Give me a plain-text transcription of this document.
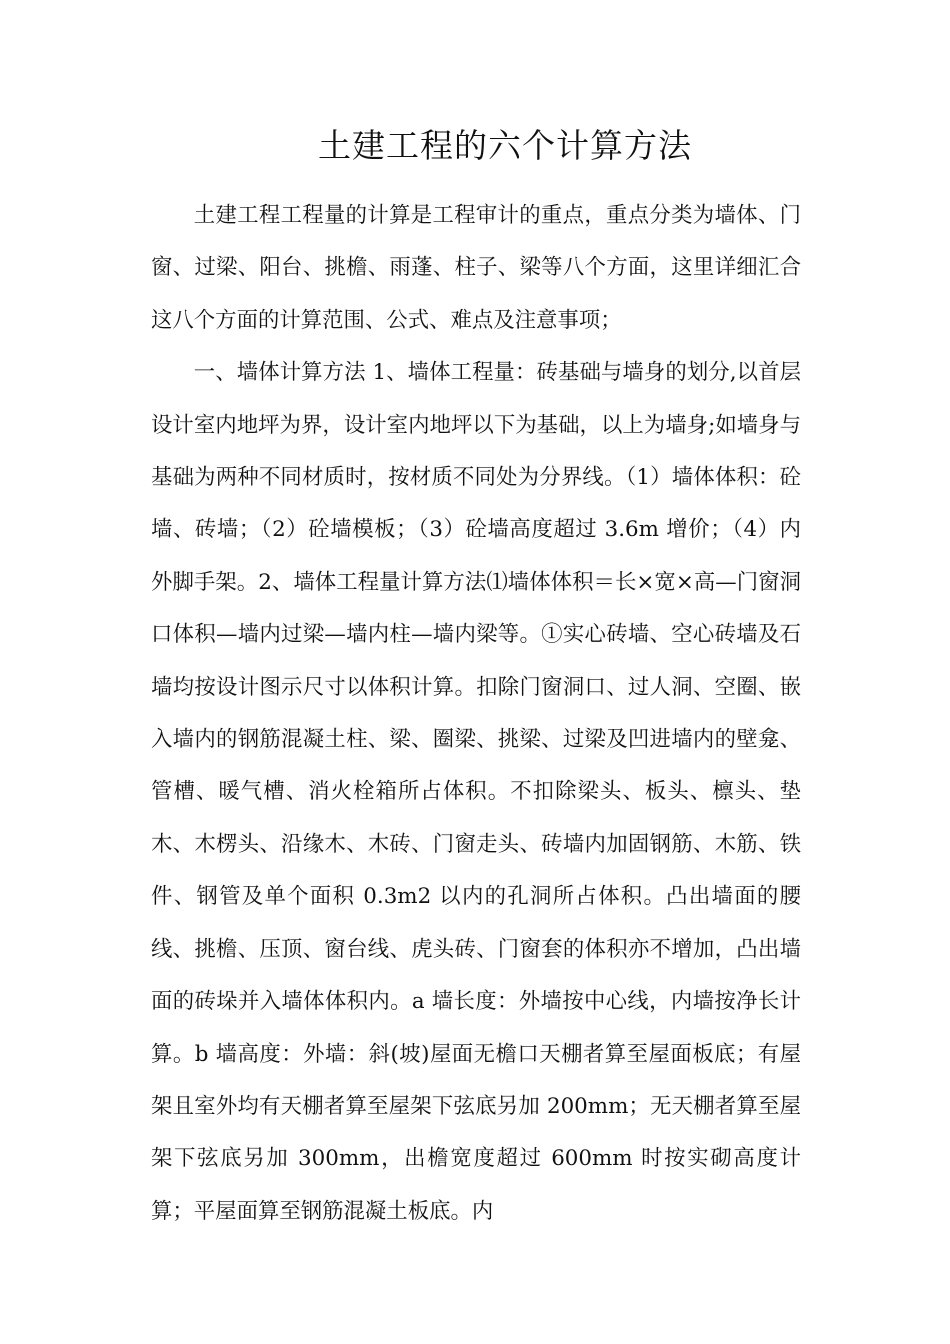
土建工程的六个计算方法

土建工程工程量的计算是工程审计的重点，重点分类为墙体、门窗、过梁、阳台、挑檐、雨蓬、柱子、梁等八个方面，这里详细汇合这八个方面的计算范围、公式、难点及注意事项；

一、墙体计算方法 1、墙体工程量：砖基础与墙身的划分,以首层设计室内地坪为界，设计室内地坪以下为基础，以上为墙身;如墙身与基础为两种不同材质时，按材质不同处为分界线。（1）墙体体积：砼墙、砖墙；（2）砼墙模板；（3）砼墙高度超过 3.6m 增价；（4）内外脚手架。2、墙体工程量计算方法⑴墙体体积＝长×宽×高—门窗洞口体积—墙内过梁—墙内柱—墙内梁等。①实心砖墙、空心砖墙及石墙均按设计图示尺寸以体积计算。扣除门窗洞口、过人洞、空圈、嵌入墙内的钢筋混凝土柱、梁、圈梁、挑梁、过梁及凹进墙内的壁龛、管槽、暖气槽、消火栓箱所占体积。不扣除梁头、板头、檩头、垫木、木楞头、沿缘木、木砖、门窗走头、砖墙内加固钢筋、木筋、铁件、钢管及单个面积 0.3m2 以内的孔洞所占体积。凸出墙面的腰线、挑檐、压顶、窗台线、虎头砖、门窗套的体积亦不增加，凸出墙面的砖垛并入墙体体积内。a 墙长度：外墙按中心线，内墙按净长计算。b 墙高度：外墙：斜(坡)屋面无檐口天棚者算至屋面板底；有屋架且室外均有天棚者算至屋架下弦底另加 200mm；无天棚者算至屋架下弦底另加 300mm，出檐宽度超过 600mm 时按实砌高度计算；平屋面算至钢筋混凝土板底。内
